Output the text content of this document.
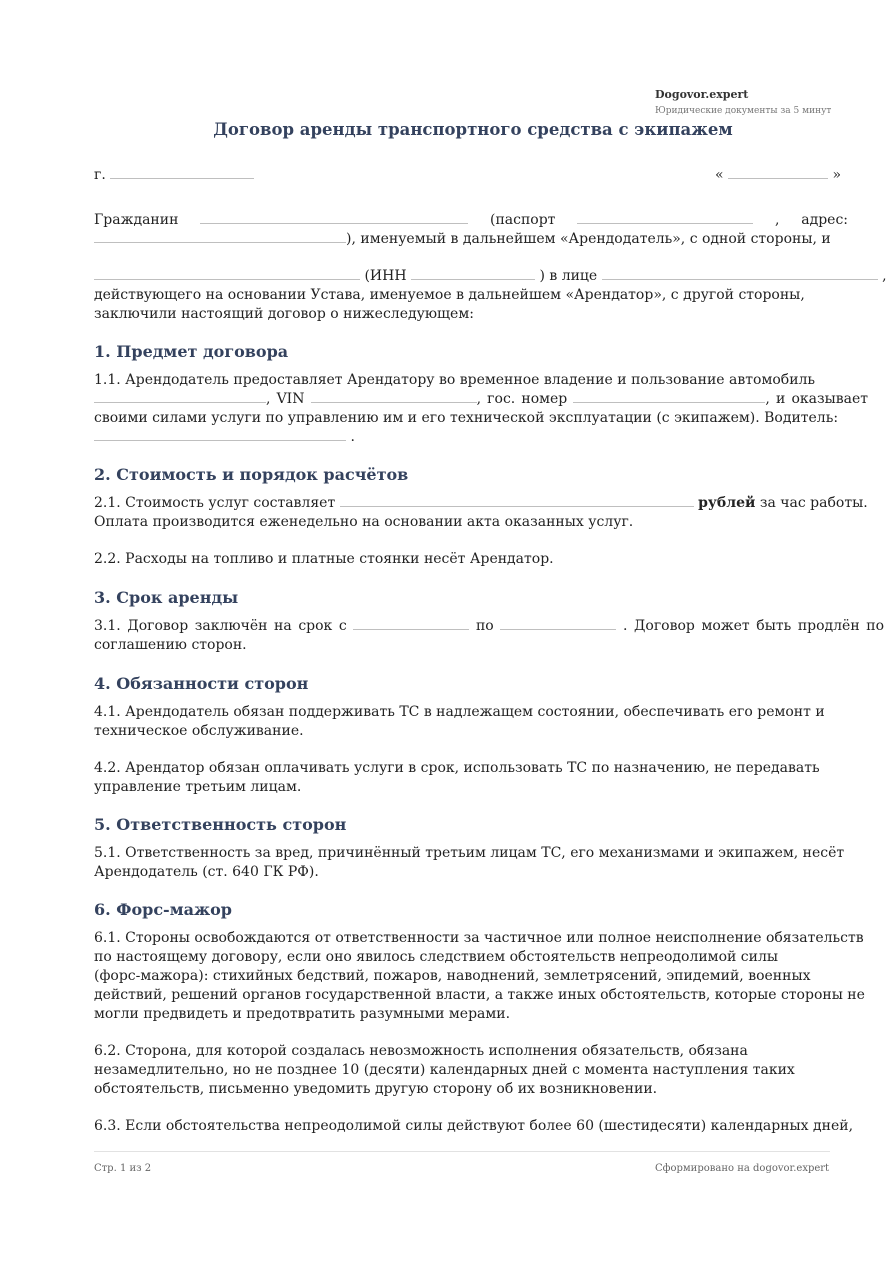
Dogovor.expert
Юридические документы за 5 минут
Договор аренды транспортного средства с экипажем
г.	«	»
Гражданин	(паспорт	, адрес:
), именуемый в дальнейшем «Арендодатель», с одной стороны, и
(ИНН	) в лице	,
действующего на основании Устава, именуемое в дальнейшем «Арендатор», с другой стороны,
заключили настоящий договор о нижеследующем:
1. Предмет договора
1.1. Арендодатель предоставляет Арендатору во временное владение и пользование автомобиль
, VIN	, гос. номер	, и оказывает
своими силами услуги по управлению им и его технической эксплуатации (с экипажем). Водитель:
.
2. Стоимость и порядок расчётов
2.1. Стоимость услуг составляет	рублей за час работы.
Оплата производится еженедельно на основании акта оказанных услуг.
2.2. Расходы на топливо и платные стоянки несёт Арендатор.
3. Срок аренды
3.1. Договор заключён на срок с	по	. Договор может быть продлён по
соглашению сторон.
4. Обязанности сторон
4.1. Арендодатель обязан поддерживать ТС в надлежащем состоянии, обеспечивать его ремонт и
техническое обслуживание.
4.2. Арендатор обязан оплачивать услуги в срок, использовать ТС по назначению, не передавать
управление третьим лицам.
5. Ответственность сторон
5.1. Ответственность за вред, причинённый третьим лицам ТС, его механизмами и экипажем, несёт
Арендодатель (ст. 640 ГК РФ).
6. Форс-мажор
6.1. Стороны освобождаются от ответственности за частичное или полное неисполнение обязательств
по настоящему договору, если оно явилось следствием обстоятельств непреодолимой силы
(форс-мажора): стихийных бедствий, пожаров, наводнений, землетрясений, эпидемий, военных
действий, решений органов государственной власти, а также иных обстоятельств, которые стороны не
могли предвидеть и предотвратить разумными мерами.
6.2. Сторона, для которой создалась невозможность исполнения обязательств, обязана
незамедлительно, но не позднее 10 (десяти) календарных дней с момента наступления таких
обстоятельств, письменно уведомить другую сторону об их возникновении.
6.3. Если обстоятельства непреодолимой силы действуют более 60 (шестидесяти) календарных дней,
Стр. 1 из 2	Сформировано на dogovor.expert
